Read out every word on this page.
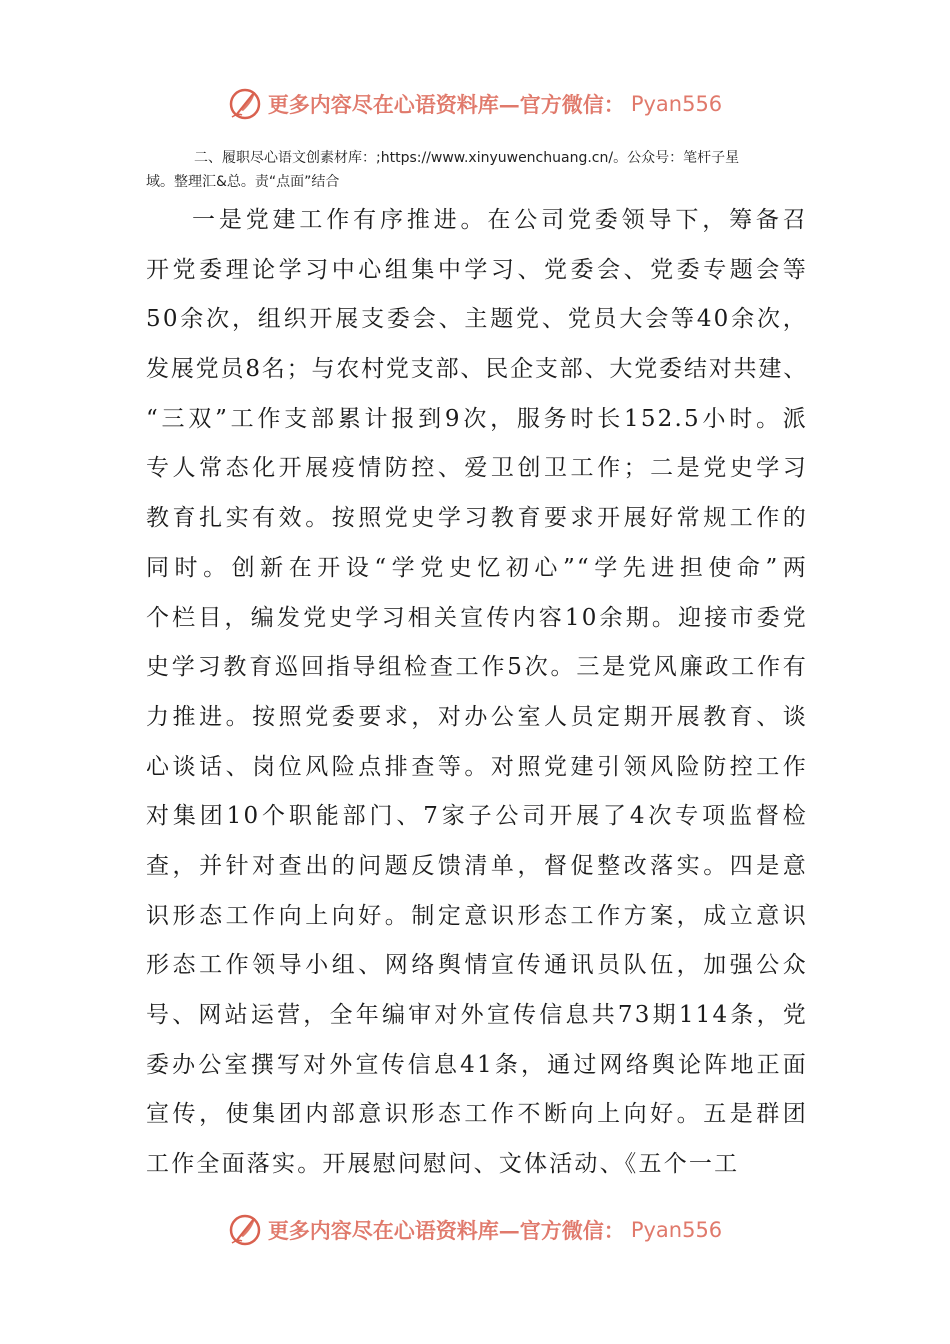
更多内容尽在心语资料库—官方微信： Pyan556
二、履职尽心语文创素材库：;https://www.xinyuwenchuang.cn/。公众号：笔杆子星
域。整理汇&总。责“点面”结合
一是党建工作有序推进。在公司党委领导下，筹备召
开党委理论学习中心组集中学习、党委会、党委专题会等
50余次，组织开展支委会、主题党、党员大会等40余次，
发展党员8名；与农村党支部、民企支部、大党委结对共建、
“三双”工作支部累计报到9次，服务时长152.5小时。派
专人常态化开展疫情防控、爱卫创卫工作；二是党史学习
教育扎实有效。按照党史学习教育要求开展好常规工作的
同时。创新在开设“学党史忆初心”“学先进担使命”两
个栏目，编发党史学习相关宣传内容10余期。迎接市委党
史学习教育巡回指导组检查工作5次。三是党风廉政工作有
力推进。按照党委要求，对办公室人员定期开展教育、谈
心谈话、岗位风险点排查等。对照党建引领风险防控工作
对集团10个职能部门、7家子公司开展了4次专项监督检
查，并针对查出的问题反馈清单，督促整改落实。四是意
识形态工作向上向好。制定意识形态工作方案，成立意识
形态工作领导小组、网络舆情宣传通讯员队伍，加强公众
号、网站运营，全年编审对外宣传信息共73期114条，党
委办公室撰写对外宣传信息41条，通过网络舆论阵地正面
宣传，使集团内部意识形态工作不断向上向好。五是群团
工作全面落实。开展慰问慰问、文体活动、《五个一工
更多内容尽在心语资料库—官方微信： Pyan556
